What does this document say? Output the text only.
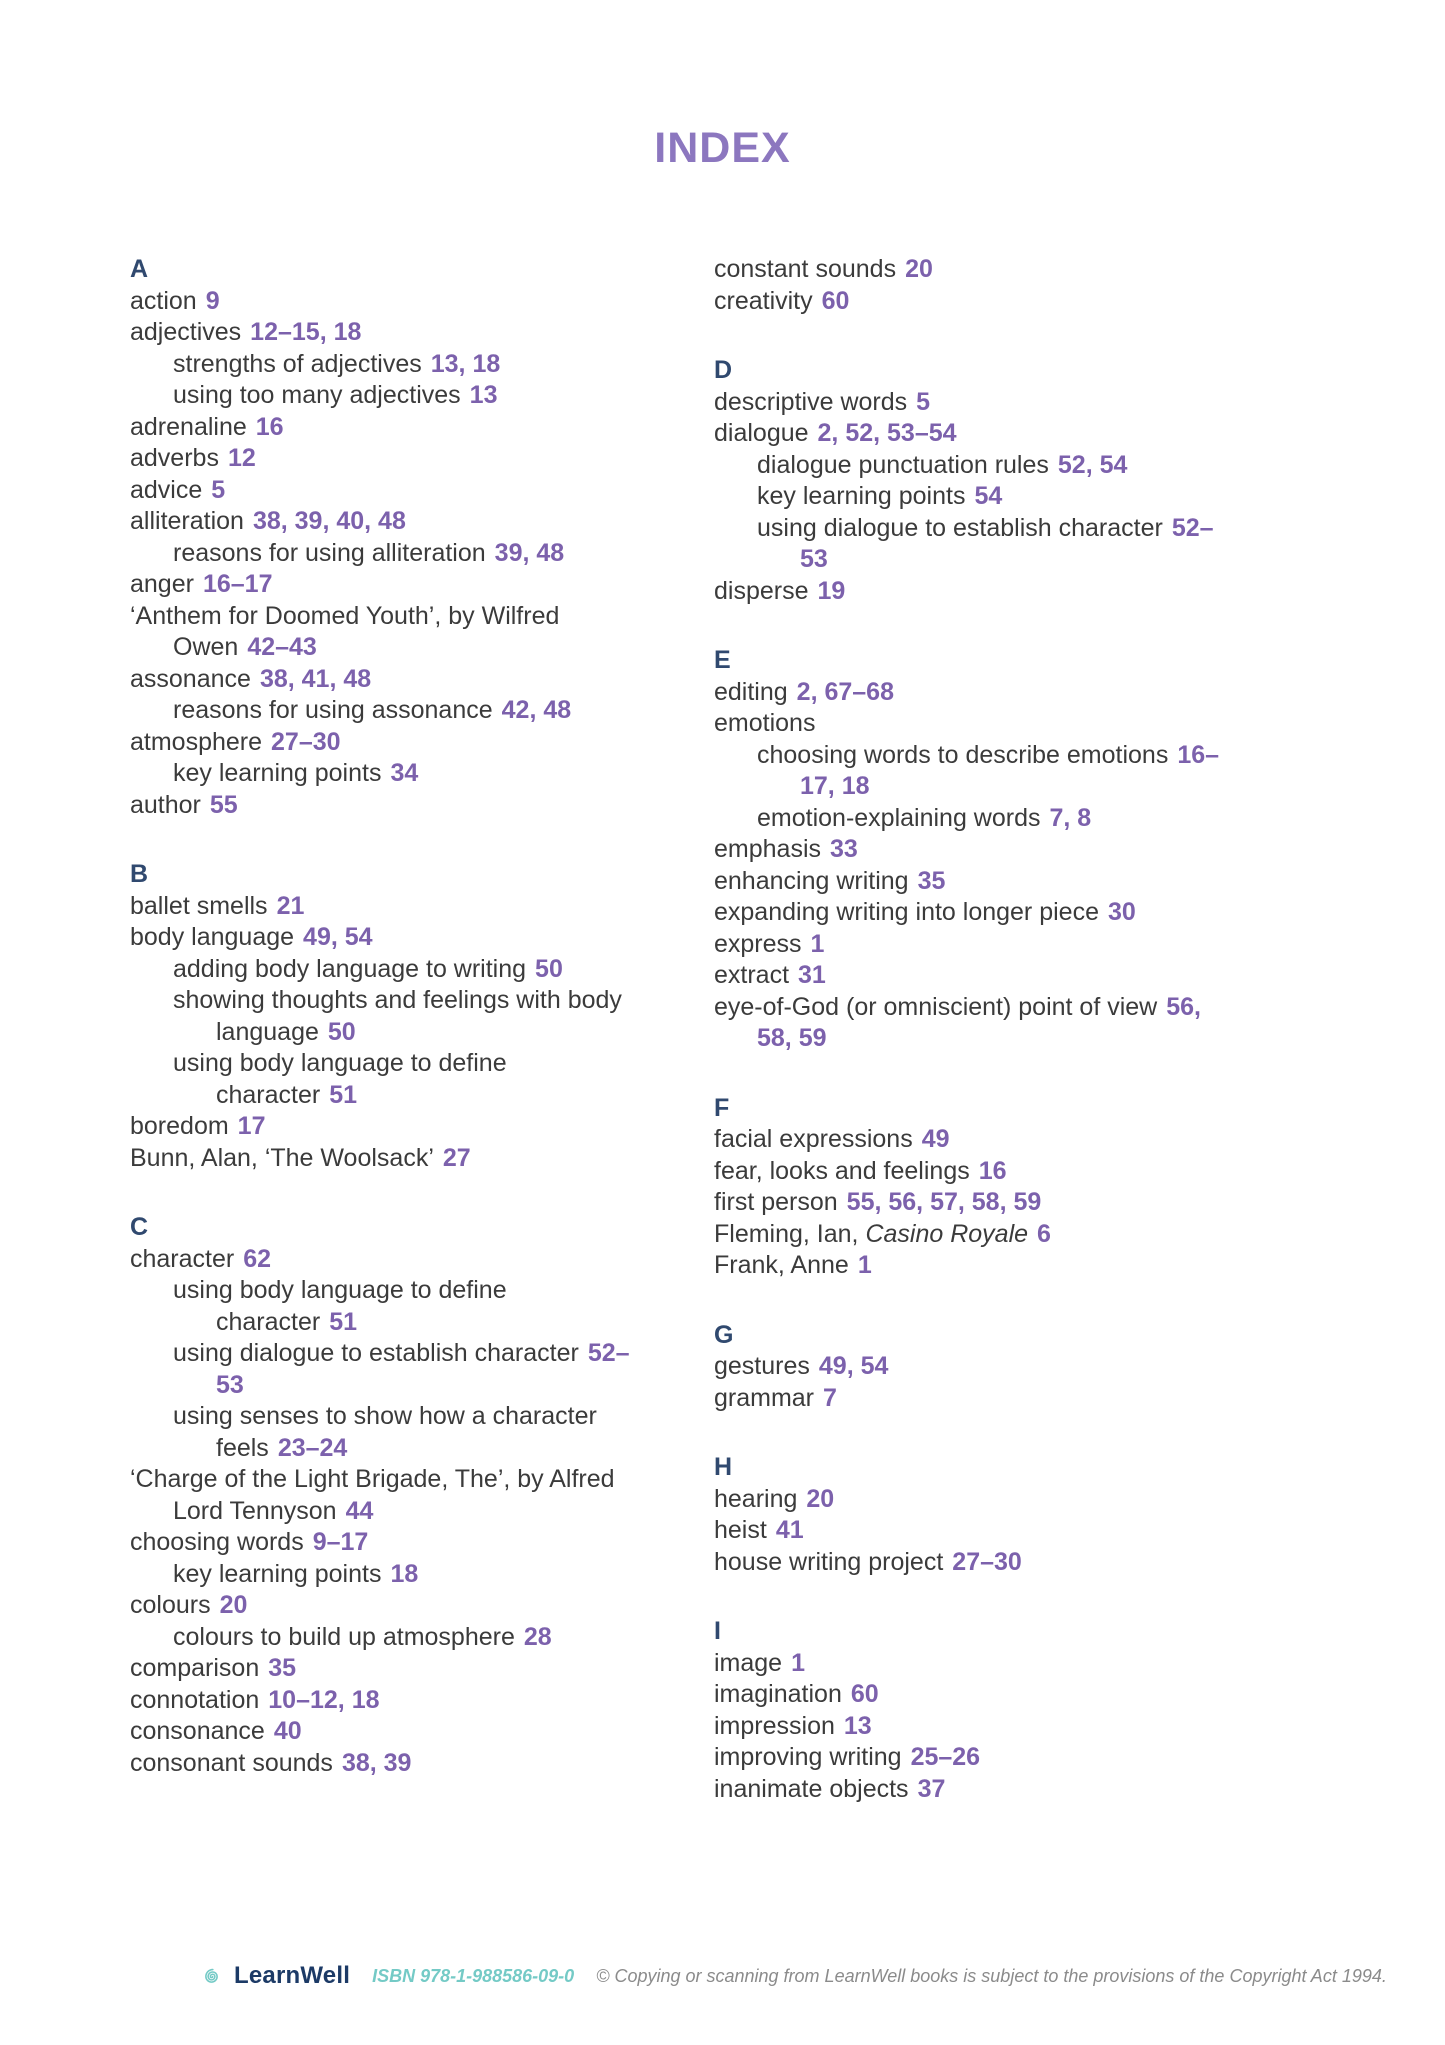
INDEX
A
action 9
adjectives 12–15, 18
strengths of adjectives 13, 18
using too many adjectives 13
adrenaline 16
adverbs 12
advice 5
alliteration 38, 39, 40, 48
reasons for using alliteration 39, 48
anger 16–17
‘Anthem for Doomed Youth’, by Wilfred
Owen 42–43
assonance 38, 41, 48
reasons for using assonance 42, 48
atmosphere 27–30
key learning points 34
author 55
B
ballet smells 21
body language 49, 54
adding body language to writing 50
showing thoughts and feelings with body
language 50
using body language to define
character 51
boredom 17
Bunn, Alan, ‘The Woolsack’ 27
C
character 62
using body language to define
character 51
using dialogue to establish character 52–
53
using senses to show how a character
feels 23–24
‘Charge of the Light Brigade, The’, by Alfred
Lord Tennyson 44
choosing words 9–17
key learning points 18
colours 20
colours to build up atmosphere 28
comparison 35
connotation 10–12, 18
consonance 40
consonant sounds 38, 39
constant sounds 20
creativity 60
D
descriptive words 5
dialogue 2, 52, 53–54
dialogue punctuation rules 52, 54
key learning points 54
using dialogue to establish character 52–
53
disperse 19
E
editing 2, 67–68
emotions
choosing words to describe emotions 16–
17, 18
emotion-explaining words 7, 8
emphasis 33
enhancing writing 35
expanding writing into longer piece 30
express 1
extract 31
eye-of-God (or omniscient) point of view 56,
58, 59
F
facial expressions 49
fear, looks and feelings 16
first person 55, 56, 57, 58, 59
Fleming, Ian, Casino Royale 6
Frank, Anne 1
G
gestures 49, 54
grammar 7
H
hearing 20
heist 41
house writing project 27–30
I
image 1
imagination 60
impression 13
improving writing 25–26
inanimate objects 37
LearnWell ISBN 978-1-988586-09-0 © Copying or scanning from LearnWell books is subject to the provisions of the Copyright Act 1994.
